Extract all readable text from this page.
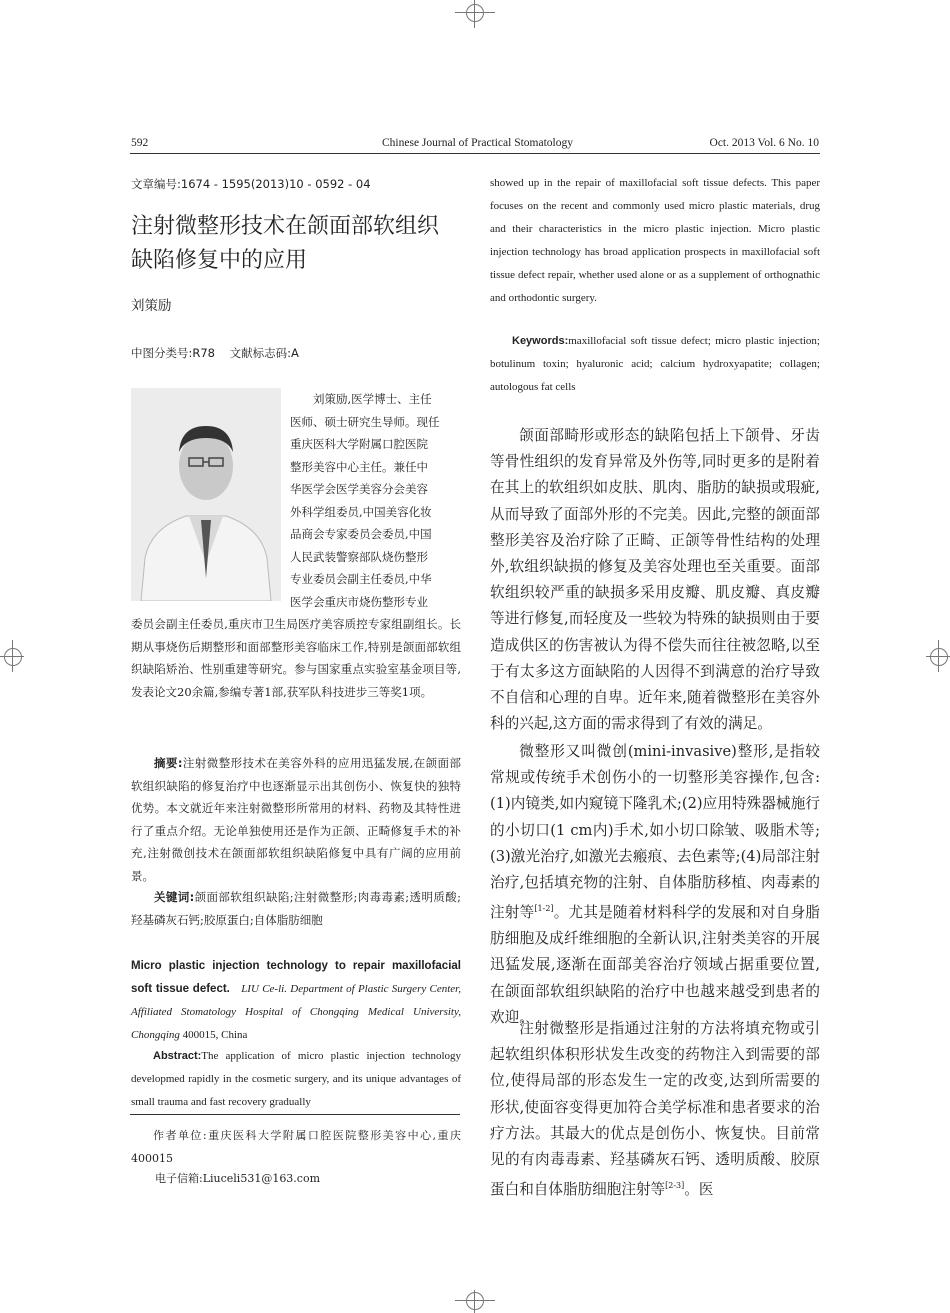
592	Chinese Journal of Practical Stomatology	Oct. 2013 Vol. 6 No. 10
文章编号:1674 - 1595(2013)10 - 0592 - 04
注射微整形技术在颌面部软组织
缺陷修复中的应用
刘策励
中图分类号:R78    文献标志码:A
刘策励,医学博士、主任
医师、硕士研究生导师。现任
重庆医科大学附属口腔医院
整形美容中心主任。兼任中
华医学会医学美容分会美容
外科学组委员,中国美容化妆
品商会专家委员会委员,中国
人民武装警察部队烧伤整形
专业委员会副主任委员,中华
医学会重庆市烧伤整形专业
委员会副主任委员,重庆市卫生局医疗美容质控专家组副组长。长期从事烧伤后期整形和面部整形美容临床工作,特别是颌面部软组织缺陷矫治、性别重建等研究。参与国家重点实验室基金项目等,发表论文20余篇,参编专著1部,获军队科技进步三等奖1项。
摘要:注射微整形技术在美容外科的应用迅猛发展,在颌面部软组织缺陷的修复治疗中也逐渐显示出其创伤小、恢复快的独特优势。本文就近年来注射微整形所常用的材料、药物及其特性进行了重点介绍。无论单独使用还是作为正颌、正畸修复手术的补充,注射微创技术在颌面部软组织缺陷修复中具有广阔的应用前景。
关键词:颌面部软组织缺陷;注射微整形;肉毒毒素;透明质酸;羟基磷灰石钙;胶原蛋白;自体脂肪细胞
Micro plastic injection technology to repair maxillofacial soft tissue defect. LIU Ce-li. Department of Plastic Surgery Center, Affiliated Stomatology Hospital of Chongqing Medical University, Chongqing 400015, China
Abstract:The application of micro plastic injection technology developmed rapidly in the cosmetic surgery, and its unique advantages of small trauma and fast recovery gradually
作者单位:重庆医科大学附属口腔医院整形美容中心,重庆400015
电子信箱:Liuceli531@163.com
showed up in the repair of maxillofacial soft tissue defects. This paper focuses on the recent and commonly used micro plastic materials, drug and their characteristics in the micro plastic injection. Micro plastic injection technology has broad application prospects in maxillofacial soft tissue defect repair, whether used alone or as a supplement of orthognathic and orthodontic surgery.
Keywords:maxillofacial soft tissue defect; micro plastic injection; botulinum toxin; hyaluronic acid; calcium hydroxyapatite; collagen; autologous fat cells
颌面部畸形或形态的缺陷包括上下颌骨、牙齿等骨性组织的发育异常及外伤等,同时更多的是附着在其上的软组织如皮肤、肌肉、脂肪的缺损或瑕疵,从而导致了面部外形的不完美。因此,完整的颌面部整形美容及治疗除了正畸、正颌等骨性结构的处理外,软组织缺损的修复及美容处理也至关重要。面部软组织较严重的缺损多采用皮瓣、肌皮瓣、真皮瓣等进行修复,而轻度及一些较为特殊的缺损则由于要造成供区的伤害被认为得不偿失而往往被忽略,以至于有太多这方面缺陷的人因得不到满意的治疗导致不自信和心理的自卑。近年来,随着微整形在美容外科的兴起,这方面的需求得到了有效的满足。
微整形又叫微创(mini-invasive)整形,是指较常规或传统手术创伤小的一切整形美容操作,包含:(1)内镜类,如内窥镜下隆乳术;(2)应用特殊器械施行的小切口(1 cm内)手术,如小切口除皱、吸脂术等;(3)激光治疗,如激光去瘢痕、去色素等;(4)局部注射治疗,包括填充物的注射、自体脂肪移植、肉毒素的注射等[1-2]。尤其是随着材料科学的发展和对自身脂肪细胞及成纤维细胞的全新认识,注射类美容的开展迅猛发展,逐渐在面部美容治疗领域占据重要位置,在颌面部软组织缺陷的治疗中也越来越受到患者的欢迎。
注射微整形是指通过注射的方法将填充物或引起软组织体积形状发生改变的药物注入到需要的部位,使得局部的形态发生一定的改变,达到所需要的形状,使面容变得更加符合美学标准和患者要求的治疗方法。其最大的优点是创伤小、恢复快。目前常见的有肉毒毒素、羟基磷灰石钙、透明质酸、胶原蛋白和自体脂肪细胞注射等[2-3]。医
